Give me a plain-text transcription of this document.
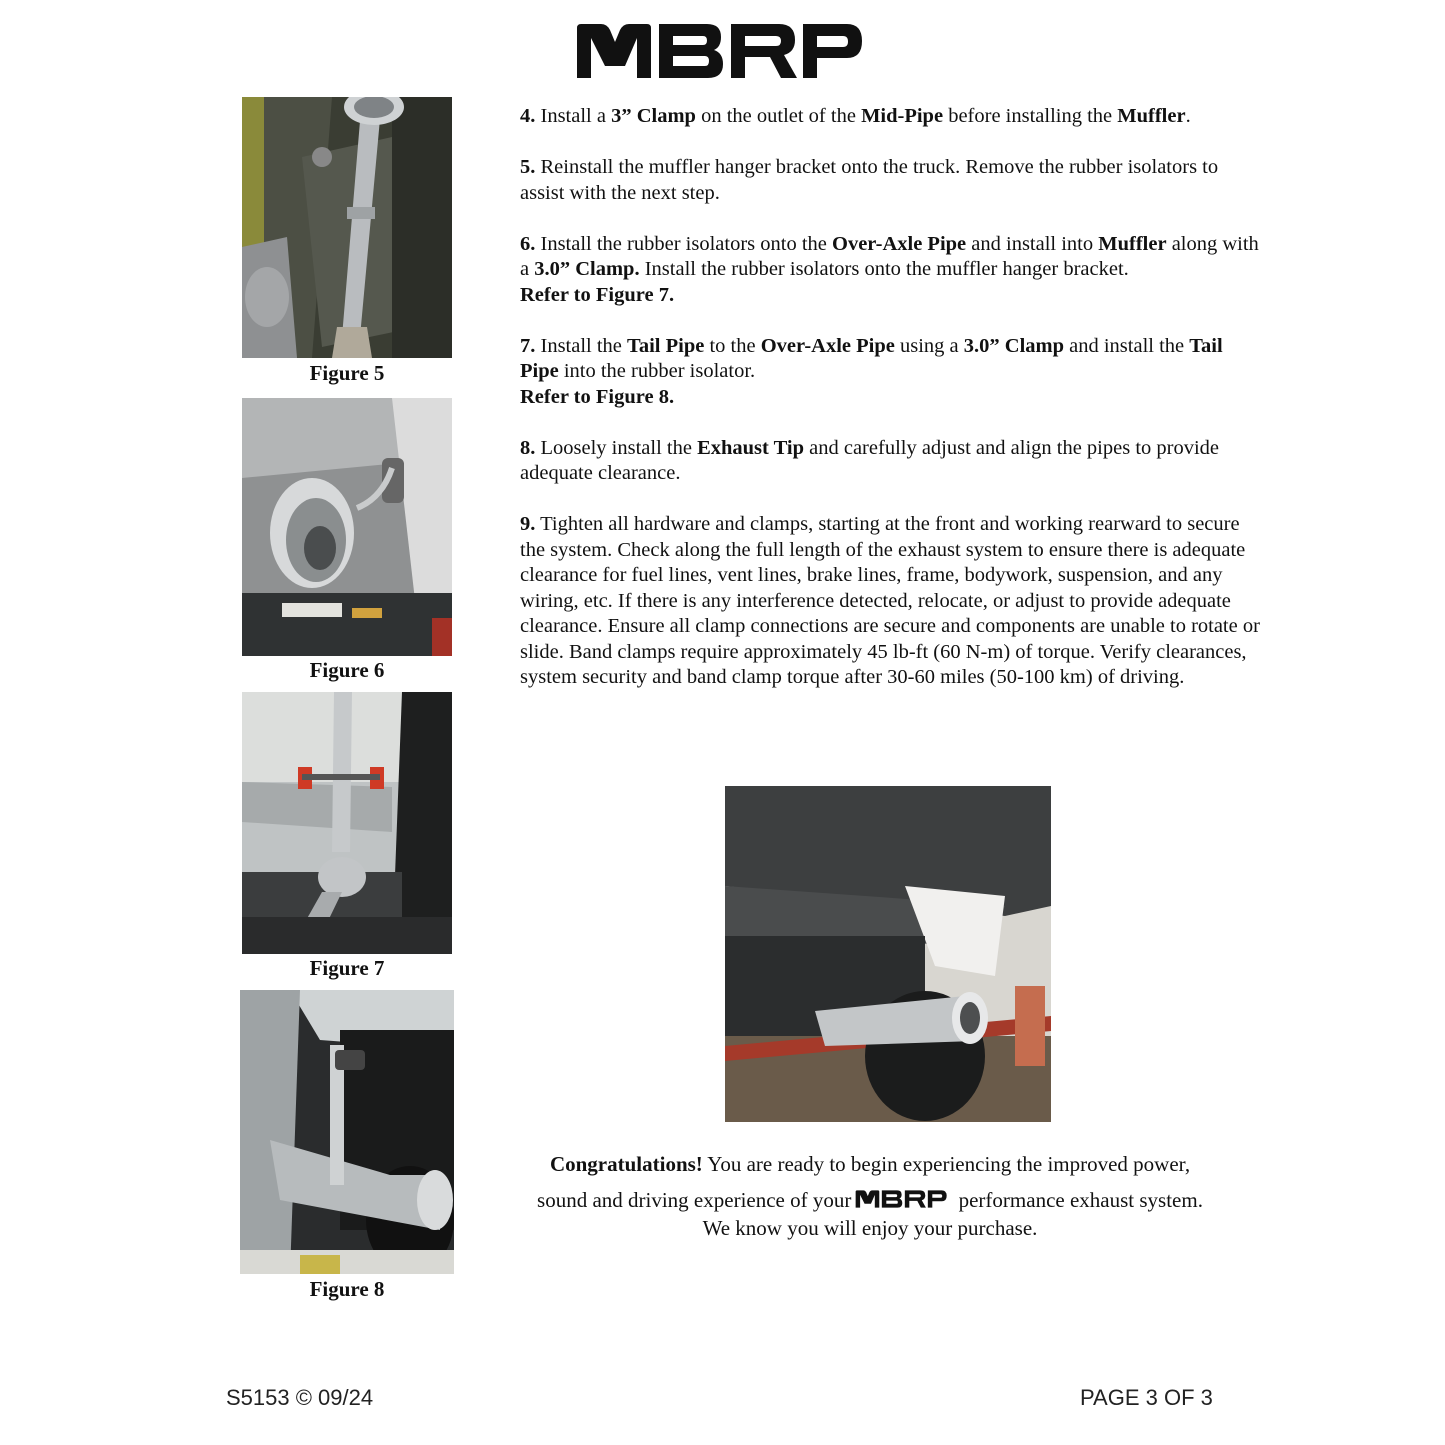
Figure 5
Figure 6
Figure 7
Figure 8

4. Install a 3” Clamp on the outlet of the Mid-Pipe before installing the Muffler.

5. Reinstall the muffler hanger bracket onto the truck. Remove the rubber isolators to assist with the next step.

6. Install the rubber isolators onto the Over-Axle Pipe and install into Muffler along with a 3.0” Clamp. Install the rubber isolators onto the muffler hanger bracket.

Refer to Figure 7.

7. Install the Tail Pipe to the Over-Axle Pipe using a 3.0” Clamp and install the Tail Pipe into the rubber isolator.

Refer to Figure 8.

8. Loosely install the Exhaust Tip and carefully adjust and align the pipes to provide adequate clearance.

9. Tighten all hardware and clamps, starting at the front and working rearward to secure the system. Check along the full length of the exhaust system to ensure there is adequate clearance for fuel lines, vent lines, brake lines, frame, bodywork, suspension, and any wiring, etc. If there is any interference detected, relocate, or adjust to provide adequate clearance. Ensure all clamp connections are secure and components are unable to rotate or slide. Band clamps require approximately 45 lb-ft (60 N-m) of torque. Verify clearances, system security and band clamp torque after 30-60 miles (50-100 km) of driving.

Congratulations! You are ready to begin experiencing the improved power,
sound and driving experience of your	performance exhaust system.
We know you will enjoy your purchase.
S5153 © 09/24	PAGE 3 OF 3
